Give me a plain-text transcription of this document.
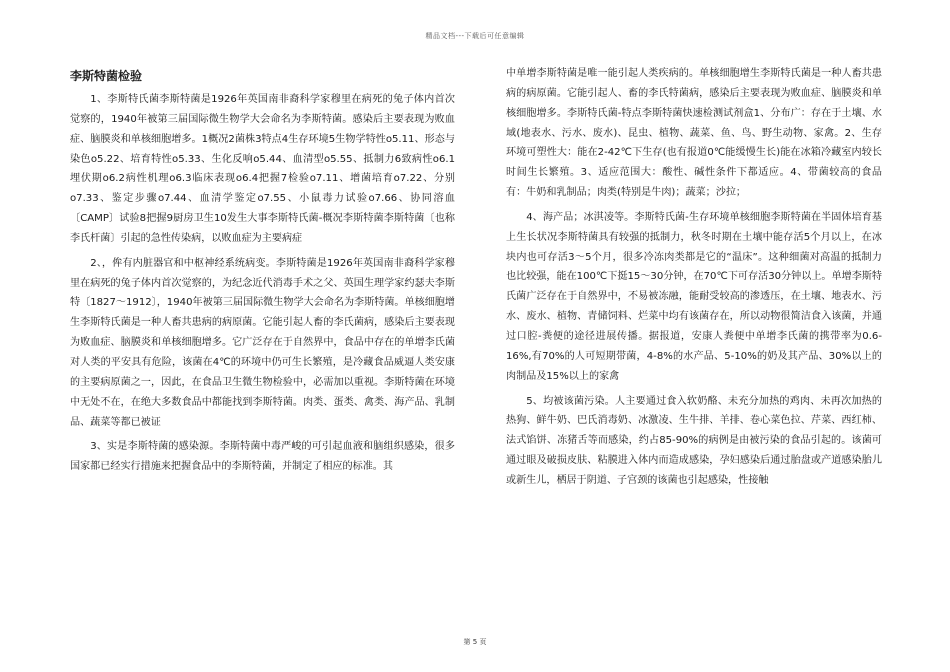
精品文档---下载后可任意编辑
李斯特菌检验

1、李斯特氏菌李斯特菌是1926年英国南非裔科学家穆里在病死的兔子体内首次觉察的，1940年被第三届国际微生物学大会命名为李斯特菌。感染后主要表现为败血症、脑膜炎和单核细胞增多。1概况2菌株3特点4生存环境5生物学特性o5.11、形态与染色o5.22、培育特性o5.33、生化反响o5.44、血清型o5.55、抵制力6致病性o6.1埋伏期o6.2病性机理o6.3临床表现o6.4把握7检验o7.11、增菌培育o7.22、分别o7.33、鉴定步骤o7.44、血清学鉴定o7.55、小鼠毒力试验o7.66、协同溶血〔CAMP〕试验8把握9厨房卫生10发生大事李斯特氏菌-概况李斯特菌李斯特菌〔也称李氏杆菌〕引起的急性传染病，以败血症为主要病症

2、，侔有内脏器官和中枢神经系统病变。李斯特菌是1926年英国南非裔科学家穆里在病死的兔子体内首次觉察的，为纪念近代消毒手术之父、英国生理学家约瑟夫李斯特〔1827～1912〕，1940年被第三届国际微生物学大会命名为李斯特菌。单核细胞增生李斯特氏菌是一种人畜共患病的病原菌。它能引起人畜的李氏菌病，感染后主要表现为败血症、脑膜炎和单核细胞增多。它广泛存在于自然界中，食品中存在的单增李氏菌对人类的平安具有危险，该菌在4℃的环境中仍可生长繁殖，是冷藏食品威逼人类安康的主要病原菌之一，因此，在食品卫生微生物检验中，必需加以重视。李斯特菌在环境中无处不在，在绝大多数食品中都能找到李斯特菌。肉类、蛋类、禽类、海产品、乳制品、蔬菜等都已被证

3、实是李斯特菌的感染源。李斯特菌中毒严峻的可引起血液和脑组织感染，很多国家都已经实行措施来把握食品中的李斯特菌，并制定了相应的标准。其

中单增李斯特菌是唯一能引起人类疾病的。单核细胞增生李斯特氏菌是一种人畜共患病的病原菌。它能引起人、畜的李氏特菌病，感染后主要表现为败血症、脑膜炎和单核细胞增多。李斯特氏菌-特点李斯特菌快速检测试剂盒1、分布广：存在于土壤、水域(地表水、污水、废水)、昆虫、植物、蔬菜、鱼、鸟、野生动物、家禽。2、生存环境可塑性大：能在2-42℃下生存(也有报道0℃能缓慢生长)能在冰箱冷藏室内较长时间生长繁殖。3、适应范围大：酸性、碱性条件下都适应。4、带菌较高的食品有：牛奶和乳制品；肉类(特别是牛肉)；蔬菜；沙拉；

4、海产品；冰淇凌等。李斯特氏菌-生存环境单核细胞李斯特菌在半固体培育基上生长状况李斯特菌具有较强的抵制力，秋冬时期在土壤中能存活5个月以上，在冰块内也可存活3～5个月，很多冷冻肉类都是它的“温床”。这种细菌对高温的抵制力也比较强，能在100℃下挺15～30分钟，在70℃下可存活30分钟以上。单增李斯特氏菌广泛存在于自然界中，不易被冻融，能耐受较高的渗透压，在土壤、地表水、污水、废水、植物、青储饲料、烂菜中均有该菌存在，所以动物很简洁食入该菌，并通过口腔-粪便的途径进展传播。据报道，安康人粪便中单增李氏菌的携带率为0.6-16%,有70%的人可短期带菌，4-8%的水产品、5-10%的奶及其产品、30%以上的肉制品及15%以上的家禽

5、均被该菌污染。人主要通过食入软奶酪、未充分加热的鸡肉、未再次加热的热狗、鲜牛奶、巴氏消毒奶、冰激凌、生牛排、羊排、卷心菜色拉、芹菜、西红柿、法式馅饼、冻猪舌等而感染，约占85-90%的病例是由被污染的食品引起的。该菌可通过眼及破损皮肤、粘膜进入体内而造成感染，孕妇感染后通过胎盘或产道感染胎儿或新生儿，栖居于阴道、子宫颈的该菌也引起感染，性接触

第 5 页
